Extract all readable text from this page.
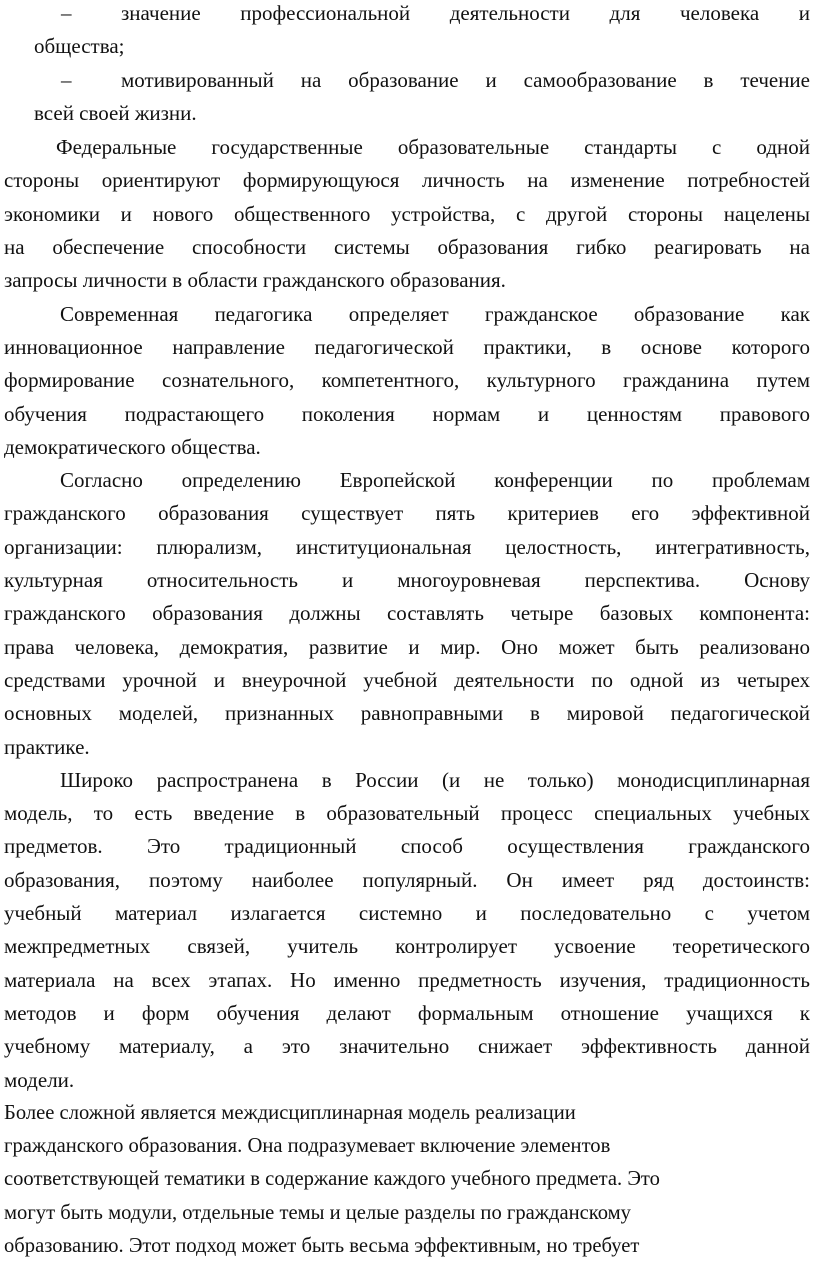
– значение профессиональной деятельности для человека и
общества;
– мотивированный на образование и самообразование в течение
всей своей жизни.
Федеральные государственные образовательные стандарты с одной
стороны ориентируют формирующуюся личность на изменение потребностей
экономики и нового общественного устройства, с другой стороны нацелены
на обеспечение способности системы образования гибко реагировать на
запросы личности в области гражданского образования.
Современная педагогика определяет гражданское образование как
инновационное направление педагогической практики, в основе которого
формирование сознательного, компетентного, культурного гражданина путем
обучения подрастающего поколения нормам и ценностям правового
демократического общества.
Согласно определению Европейской конференции по проблемам
гражданского образования существует пять критериев его эффективной
организации: плюрализм, институциональная целостность, интегративность,
культурная относительность и многоуровневая перспектива. Основу
гражданского образования должны составлять четыре базовых компонента:
права человека, демократия, развитие и мир. Оно может быть реализовано
средствами урочной и внеурочной учебной деятельности по одной из четырех
основных моделей, признанных равноправными в мировой педагогической
практике.
Широко распространена в России (и не только) монодисциплинарная
модель, то есть введение в образовательный процесс специальных учебных
предметов. Это традиционный способ осуществления гражданского
образования, поэтому наиболее популярный. Он имеет ряд достоинств:
учебный материал излагается системно и последовательно с учетом
межпредметных связей, учитель контролирует усвоение теоретического
материала на всех этапах. Но именно предметность изучения, традиционность
методов и форм обучения делают формальным отношение учащихся к
учебному материалу, а это значительно снижает эффективность данной
модели.
Более сложной является междисциплинарная модель реализации
гражданского образования. Она подразумевает включение элементов
соответствующей тематики в содержание каждого учебного предмета. Это
могут быть модули, отдельные темы и целые разделы по гражданскому
образованию. Этот подход может быть весьма эффективным, но требует
